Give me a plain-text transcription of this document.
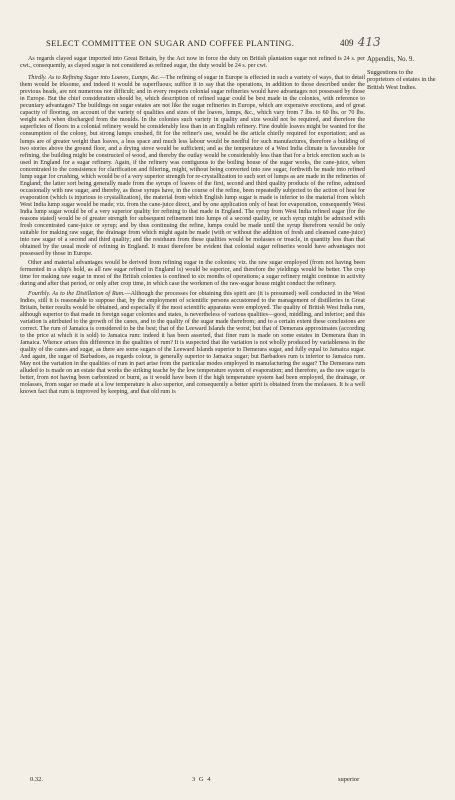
SELECT COMMITTEE ON SUGAR AND COFFEE PLANTING.	409 413
Appendix, No. 9.
Suggestions to the proprietors of estates in the British West Indies.

As regards clayed sugar imported into Great Britain, by the Act now in force the duty on British plantation sugar not refined is 24 s. per cwt., consequently, as clayed sugar is not considered as refined sugar, the duty would be 24 s. per cwt.

Thirdly. As to Refining Sugar into Loaves, Lumps, &c.—The refining of sugar in Europe is effected in such a variety of ways, that to detail them would be irksome, and indeed it would be superfluous; suffice it to say that the operations, in addition to those described under the previous heads, are not numerous nor difficult; and in every respects colonial sugar refineries would have advantages not possessed by those in Europe. But the chief consideration should be, which description of refined sugar could be best made in the colonies, with reference to pecuniary advantages? The buildings on sugar estates are not like the sugar refineries in Europe, which are expensive erections, and of great capacity of flooring, on account of the variety of qualities and sizes of the loaves, lumps, &c., which vary from 7 lbs. to 60 lbs. or 70 lbs. weight each when discharged from the moulds. In the colonies such variety in quality and size would not be required, and therefore the superficies of floors in a colonial refinery would be considerably less than in an English refinery. Fine double loaves might be wanted for the consumption of the colony, but strong lumps crushed, fit for the refiner's use, would be the article chiefly required for exportation; and as lumps are of greater weight than loaves, a less space and much less labour would be needful for such manufactures, therefore a building of two stories above the ground floor, and a drying stove would be sufficient; and as the temperature of a West India climate is favourable for refining, the building might be constructed of wood, and thereby the outlay would be considerably less than that for a brick erection such as is used in England for a sugar refinery. Again, if the refinery was contiguous to the boiling house of the sugar works, the cane-juice, when concentrated to the consistence for clarification and filtering, might, without being converted into raw sugar, forthwith be made into refined lump sugar for crushing, which would be of a very superior strength for re-crystallization to such sort of lumps as are made in the refineries of England; the latter sort being generally made from the syrups of loaves of the first, second and third quality products of the refine, admixed occasionally with raw sugar, and thereby, as those syrups have, in the course of the refine, been repeatedly subjected to the action of heat for evaporation (which is injurious to crystallization), the material from which English lump sugar is made is inferior to the material from which West India lump sugar would be made; viz. from the cane-juice direct, and by one application only of heat for evaporation, consequently West India lump sugar would be of a very superior quality for refining to that made in England. The syrup from West India refined sugar (for the reasons stated) would be of greater strength for subsequent refinement into lumps of a second quality, or such syrup might be admixed with fresh concentrated cane-juice or syrup; and by thus continuing the refine, lumps could be made until the syrup therefrom would be only suitable for making raw sugar, the drainage from which might again be made (with or without the addition of fresh and cleansed cane-juice) into raw sugar of a second and third quality; and the residuum from these qualities would be molasses or treacle, in quantity less than that obtained by the usual mode of refining in England. It must therefore be evident that colonial sugar refineries would have advantages not possessed by those in Europe.

Other and material advantages would be derived from refining sugar in the colonies; viz. the raw sugar employed (from not having been fermented in a ship's hold, as all raw sugar refined in England is) would be superior, and therefore the yieldings would be better. The crop time for making raw sugar in most of the British colonies is confined to six months of operations; a sugar refinery might continue in activity during and after that period, or only after crop time, in which case the workmen of the raw-sugar house might conduct the refinery.

Fourthly. As to the Distillation of Rum.—Although the processes for obtaining this spirit are (it is presumed) well conducted in the West Indies, still it is reasonable to suppose that, by the employment of scientific persons accustomed to the management of distilleries in Great Britain, better results would be obtained, and especially if the most scientific apparatus were employed. The quality of British West India rum, although superior to that made in foreign sugar colonies and states, is nevertheless of various qualities—good, middling, and inferior; and this variation is attributed to the growth of the canes, and to the quality of the sugar made therefrom; and to a certain extent these conclusions are correct. The rum of Jamaica is considered to be the best; that of the Leeward Islands the worst; but that of Demerara approximates (according to the price at which it is sold) to Jamaica rum: indeed it has been asserted, that finer rum is made on some estates in Demerara than in Jamaica. Whence arises this difference in the qualities of rum? It is suspected that the variation is not wholly produced by variableness in the quality of the canes and sugar, as there are some sugars of the Leeward Islands superior to Demerara sugar, and fully equal to Jamaica sugar. And again, the sugar of Barbadoes, as regards colour, is generally superior to Jamaica sugar; but Barbadoes rum is inferior to Jamaica rum. May not the variation in the qualities of rum in part arise from the particular modes employed in manufacturing the sugar? The Demerara rum alluded to is made on an estate that works the striking teache by the low temperature system of evaporation; and therefore, as the raw sugar is better, from not having been carbonized or burnt, as it would have been if the high temperature system had been employed, the drainage, or molasses, from sugar so made at a low temperature is also superior, and consequently a better spirit is obtained from the molasses. It is a well known fact that rum is improved by keeping, and that old rum is

0.32.	3 G 4	superior
